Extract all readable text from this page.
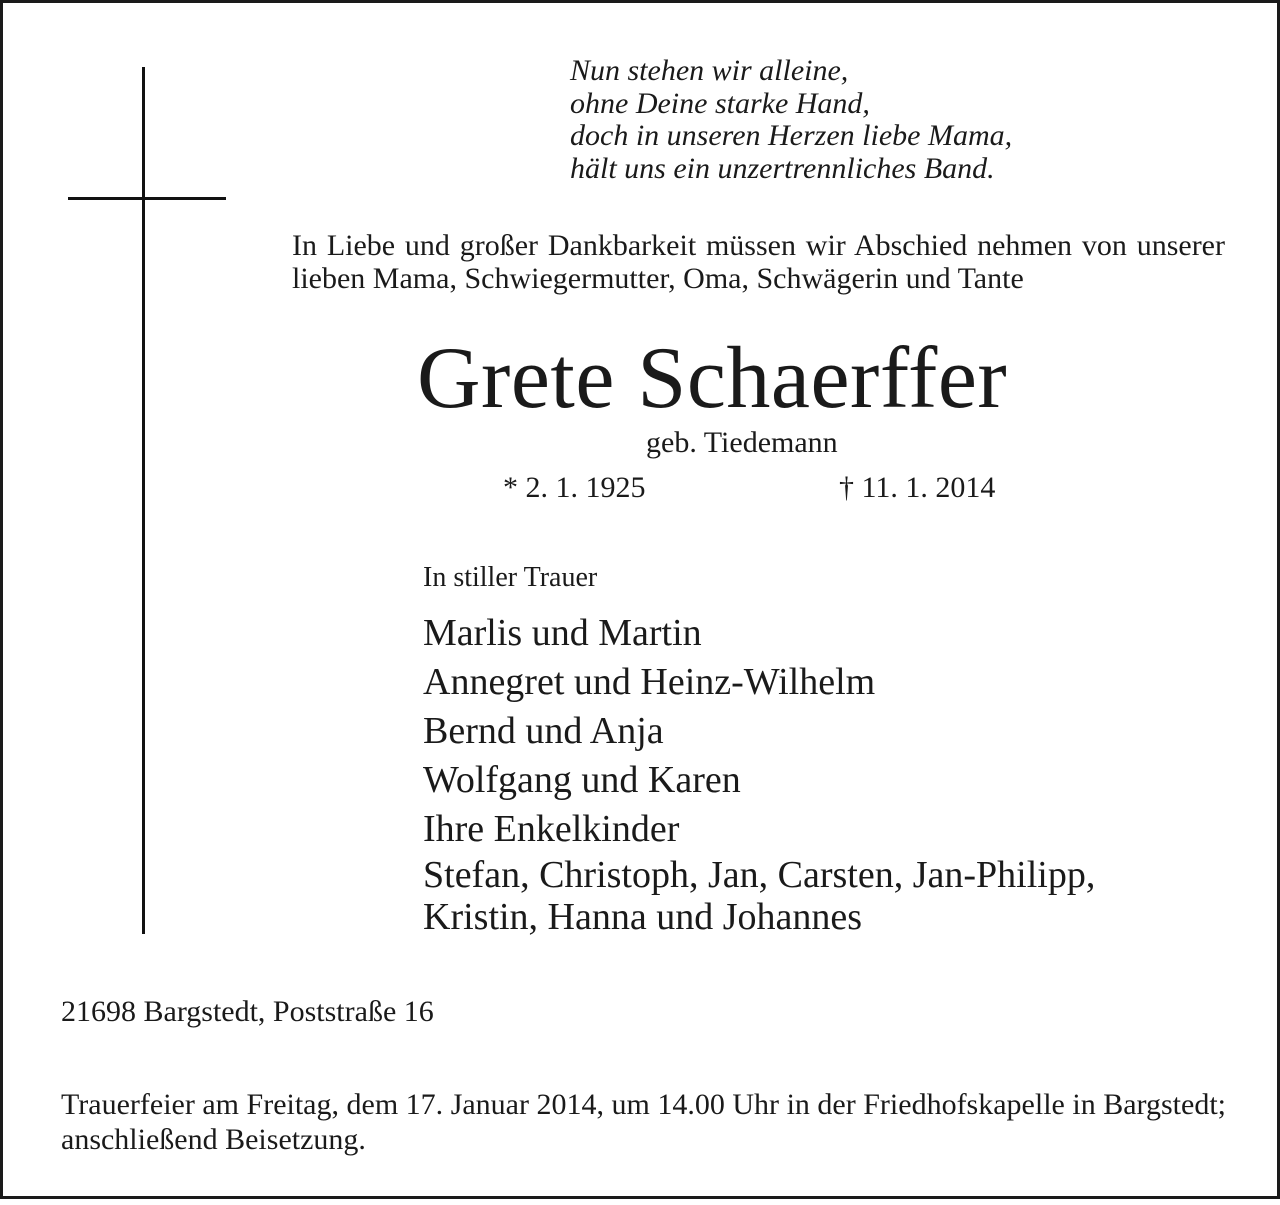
Nun stehen wir alleine,
ohne Deine starke Hand,
doch in unseren Herzen liebe Mama,
hält uns ein unzertrennliches Band.
In Liebe und großer Dankbarkeit müssen wir Abschied nehmen von unserer lieben Mama, Schwiegermutter, Oma, Schwägerin und Tante
Grete Schaerffer
geb. Tiedemann
* 2. 1. 1925	† 11. 1. 2014
In stiller Trauer
Marlis und Martin
Annegret und Heinz-Wilhelm
Bernd und Anja
Wolfgang und Karen
Ihre Enkelkinder
Stefan, Christoph, Jan, Carsten, Jan-Philipp,
Kristin, Hanna und Johannes
21698 Bargstedt, Poststraße 16
Trauerfeier am Freitag, dem 17. Januar 2014, um 14.00 Uhr in der Friedhofskapelle in Bargstedt; anschließend Beisetzung.
